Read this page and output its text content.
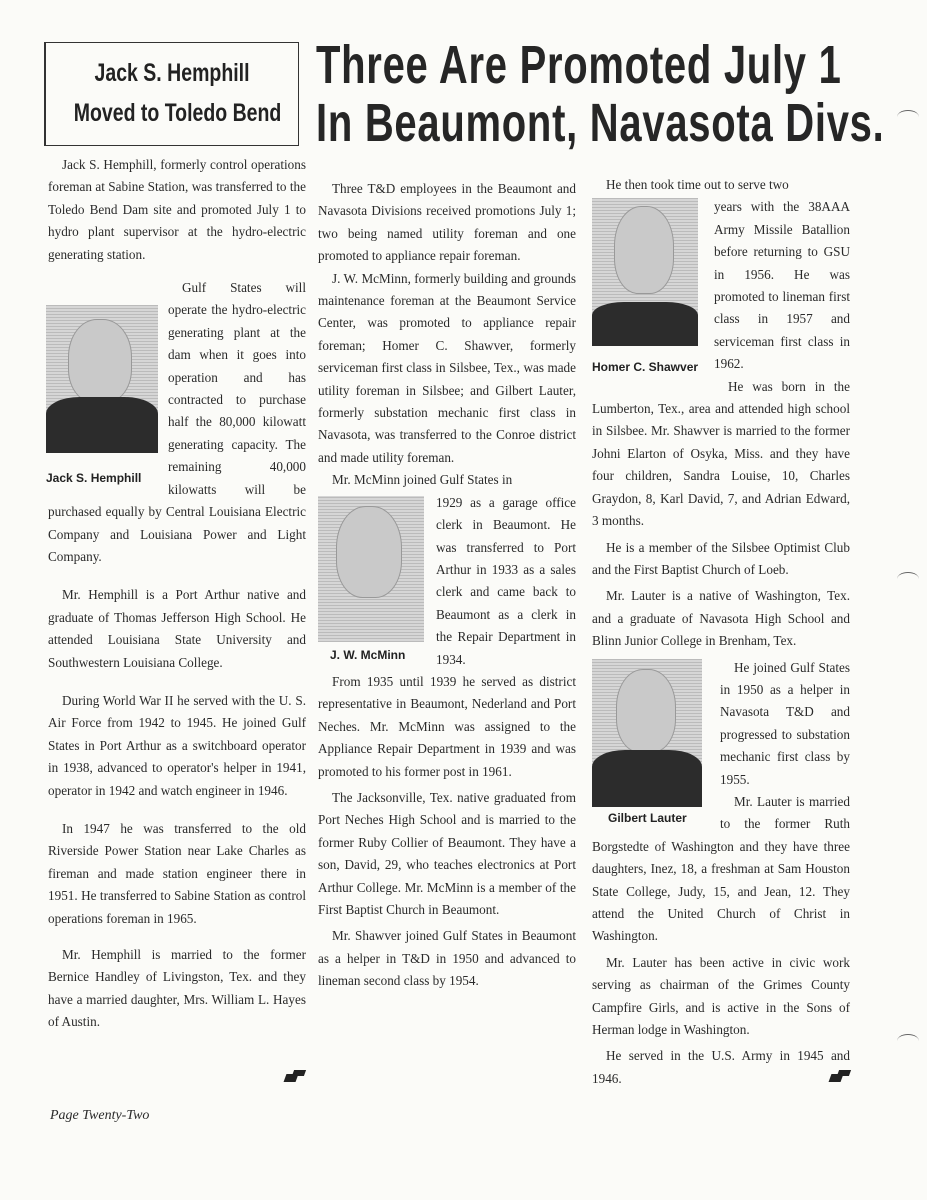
Jack S. Hemphill
Moved to Toledo Bend
Three Are Promoted July 1
In Beaumont, Navasota Divs.

Jack S. Hemphill, formerly control operations foreman at Sabine Station, was transferred to the Toledo Bend Dam site and promoted July 1 to hydro plant supervisor at the hydro-electric generating station.

Jack S. Hemphill

Gulf States will operate the hydro-electric generating plant at the dam when it goes into operation and has contracted to purchase half the 80,000 kilowatt generating capacity. The remaining 40,000 kilowatts will be purchased equally by Central Louisiana Electric Company and Louisiana Power and Light Company.

Mr. Hemphill is a Port Arthur native and graduate of Thomas Jefferson High School. He attended Louisiana State University and Southwestern Louisiana College.

During World War II he served with the U. S. Air Force from 1942 to 1945. He joined Gulf States in Port Arthur as a switchboard operator in 1938, advanced to operator's helper in 1941, operator in 1942 and watch engineer in 1946.

In 1947 he was transferred to the old Riverside Power Station near Lake Charles as fireman and made station engineer there in 1951. He transferred to Sabine Station as control operations foreman in 1965.

Mr. Hemphill is married to the former Bernice Handley of Livingston, Tex. and they have a married daughter, Mrs. William L. Hayes of Austin.

Three T&D employees in the Beaumont and Navasota Divisions received promotions July 1; two being named utility foreman and one promoted to appliance repair foreman.

J. W. McMinn, formerly building and grounds maintenance foreman at the Beaumont Service Center, was promoted to appliance repair foreman; Homer C. Shawver, formerly serviceman first class in Silsbee, Tex., was made utility foreman in Silsbee; and Gilbert Lauter, formerly substation mechanic first class in Navasota, was transferred to the Conroe district and made utility foreman.

Mr. McMinn joined Gulf States in

J. W. McMinn

1929 as a garage office clerk in Beaumont. He was transferred to Port Arthur in 1933 as a sales clerk and came back to Beaumont as a clerk in the Repair Department in 1934.

From 1935 until 1939 he served as district representative in Beaumont, Nederland and Port Neches. Mr. McMinn was assigned to the Appliance Repair Department in 1939 and was promoted to his former post in 1961.

The Jacksonville, Tex. native graduated from Port Neches High School and is married to the former Ruby Collier of Beaumont. They have a son, David, 29, who teaches electronics at Port Arthur College. Mr. McMinn is a member of the First Baptist Church in Beaumont.

Mr. Shawver joined Gulf States in Beaumont as a helper in T&D in 1950 and advanced to lineman second class by 1954.

He then took time out to serve two

Homer C. Shawver

years with the 38AAA Army Missile Batallion before returning to GSU in 1956. He was promoted to lineman first class in 1957 and serviceman first class in 1962.

He was born in the Lumberton, Tex., area and attended high school in Silsbee. Mr. Shawver is married to the former Johni Elarton of Osyka, Miss. and they have four children, Sandra Louise, 10, Charles Graydon, 8, Karl David, 7, and Adrian Edward, 3 months.

He is a member of the Silsbee Optimist Club and the First Baptist Church of Loeb.

Mr. Lauter is a native of Washington, Tex. and a graduate of Navasota High School and Blinn Junior College in Brenham, Tex.

Gilbert Lauter

He joined Gulf States in 1950 as a helper in Navasota T&D and progressed to substation mechanic first class by 1955.

Mr. Lauter is married to the former Ruth Borgstedte of Washington and they have three daughters, Inez, 18, a freshman at Sam Houston State College, Judy, 15, and Jean, 12. They attend the United Church of Christ in Washington.

Mr. Lauter has been active in civic work serving as chairman of the Grimes County Campfire Girls, and is active in the Sons of Herman lodge in Washington.

He served in the U.S. Army in 1945 and 1946.

Page Twenty-Two
